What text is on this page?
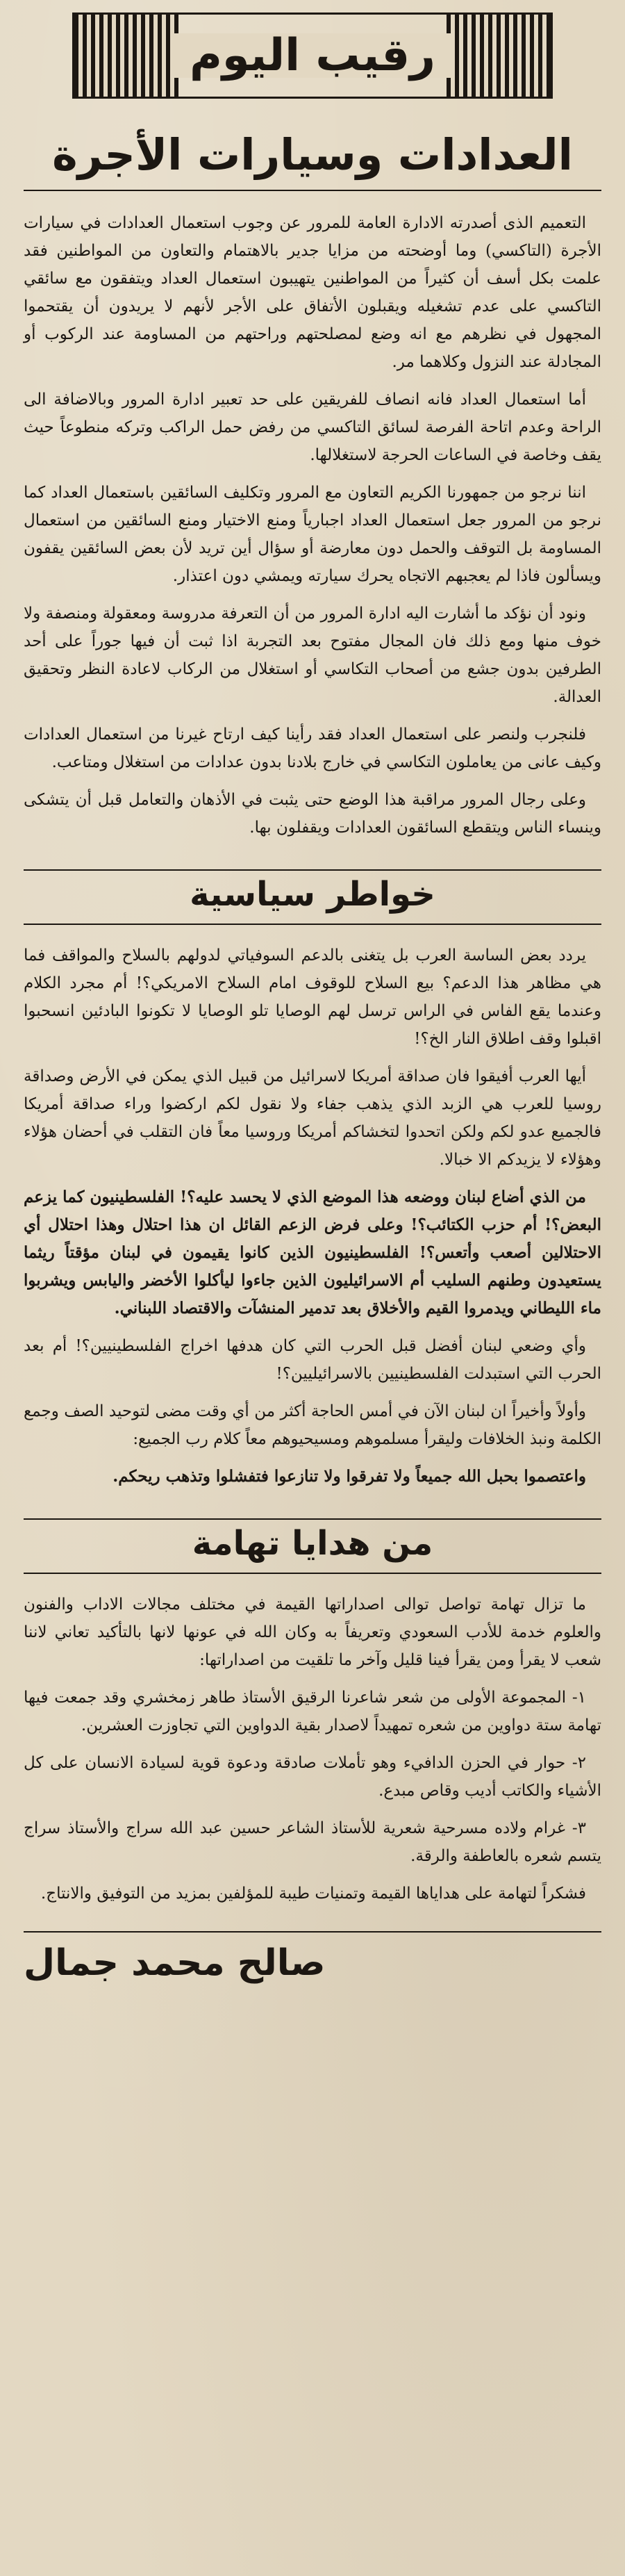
رقيب اليوم
العدادات وسيارات الأجرة

التعميم الذى أصدرته الادارة العامة للمرور عن وجوب استعمال العدادات في سيارات الأجرة (التاكسي) وما أوضحته من مزايا جدير بالاهتمام والتعاون من المواطنين فقد علمت بكل أسف أن كثيراً من المواطنين يتهيبون استعمال العداد ويتفقون مع سائقي التاكسي على عدم تشغيله ويقبلون الأتفاق على الأجر لأنهم لا يريدون أن يقتحموا المجهول في نظرهم مع انه وضع لمصلحتهم وراحتهم من المساومة عند الركوب أو المجادلة عند النزول وكلاهما مر.

أما استعمال العداد فانه انصاف للفريقين على حد تعبير ادارة المرور وبالاضافة الى الراحة وعدم اتاحة الفرصة لسائق التاكسي من رفض حمل الراكب وتركه منطوعاً حيث يقف وخاصة في الساعات الحرجة لاستغلالها.

اننا نرجو من جمهورنا الكريم التعاون مع المرور وتكليف السائقين باستعمال العداد كما نرجو من المرور جعل استعمال العداد اجبارياً ومنع الاختيار ومنع السائقين من استعمال المساومة بل التوقف والحمل دون معارضة أو سؤال أين تريد لأن بعض السائقين يقفون ويسألون فاذا لم يعجبهم الاتجاه يحرك سيارته ويمشي دون اعتذار.

ونود أن نؤكد ما أشارت اليه ادارة المرور من أن التعرفة مدروسة ومعقولة ومنصفة ولا خوف منها ومع ذلك فان المجال مفتوح بعد التجربة اذا ثبت أن فيها جوراً على أحد الطرفين بدون جشع من أصحاب التكاسي أو استغلال من الركاب لاعادة النظر وتحقيق العدالة.

فلنجرب ولنصر على استعمال العداد فقد رأينا كيف ارتاح غيرنا من استعمال العدادات وكيف عانى من يعاملون التكاسي في خارج بلادنا بدون عدادات من استغلال ومتاعب.

وعلى رجال المرور مراقبة هذا الوضع حتى يثبت في الأذهان والتعامل قبل أن يتشكى وينساء الناس ويتقطع السائقون العدادات ويقفلون بها.

خواطر سياسية

يردد بعض الساسة العرب بل يتغنى بالدعم السوفياتي لدولهم بالسلاح والمواقف فما هي مظاهر هذا الدعم؟ بيع السلاح للوقوف امام السلاح الامريكي؟! أم مجرد الكلام وعندما يقع الفاس في الراس ترسل لهم الوصايا تلو الوصايا لا تكونوا البادئين انسحبوا اقبلوا وقف اطلاق النار الخ؟!

أيها العرب أفيقوا فان صداقة أمريكا لاسرائيل من قبيل الذي يمكن في الأرض وصداقة روسيا للعرب هي الزبد الذي يذهب جفاء ولا نقول لكم اركضوا وراء صداقة أمريكا فالجميع عدو لكم ولكن اتحدوا لتخشاكم أمريكا وروسيا معاً فان التقلب في أحضان هؤلاء وهؤلاء لا يزيدكم الا خبالا.

من الذي أضاع لبنان ووضعه هذا الموضع الذي لا يحسد عليه؟! الفلسطينيون كما يزعم البعض؟! أم حزب الكتائب؟! وعلى فرض الزعم القائل ان هذا احتلال وهذا احتلال أي الاحتلالين أصعب وأتعس؟! الفلسطينيون الذين كانوا يقيمون في لبنان مؤقتاً ريثما يستعيدون وطنهم السليب أم الاسرائيليون الذين جاءوا ليأكلوا الأخضر واليابس ويشربوا ماء الليطاني ويدمروا القيم والأخلاق بعد تدمير المنشآت والاقتصاد اللبناني.

وأي وضعي لبنان أفضل قبل الحرب التي كان هدفها اخراج الفلسطينيين؟! أم بعد الحرب التي استبدلت الفلسطينيين بالاسرائيليين؟!

وأولاً وأخيراً ان لبنان الآن في أمس الحاجة أكثر من أي وقت مضى لتوحيد الصف وجمع الكلمة ونبذ الخلافات وليقرأ مسلموهم ومسيحيوهم معاً كلام رب الجميع:

واعتصموا بحبل الله جميعاً ولا تفرقوا ولا تنازعوا فتفشلوا وتذهب ريحكم.

من هدايا تهامة

ما تزال تهامة تواصل توالى اصداراتها القيمة في مختلف مجالات الاداب والفنون والعلوم خدمة للأدب السعودي وتعريفاً به وكان الله في عونها لانها بالتأكيد تعاني لاننا شعب لا يقرأ ومن يقرأ فينا قليل وآخر ما تلقيت من اصداراتها:

١- المجموعة الأولى من شعر شاعرنا الرقيق الأستاذ طاهر زمخشري وقد جمعت فيها تهامة ستة دواوين من شعره تمهيداً لاصدار بقية الدواوين التي تجاوزت العشرين.

٢- حوار في الحزن الدافيء وهو تأملات صادقة ودعوة قوية لسيادة الانسان على كل الأشياء والكاتب أديب وقاص مبدع.

٣- غرام ولاده مسرحية شعرية للأستاذ الشاعر حسين عبد الله سراج والأستاذ سراج يتسم شعره بالعاطفة والرقة.

فشكراً لتهامة على هداياها القيمة وتمنيات طيبة للمؤلفين بمزيد من التوفيق والانتاج.

صالح محمد جمال
